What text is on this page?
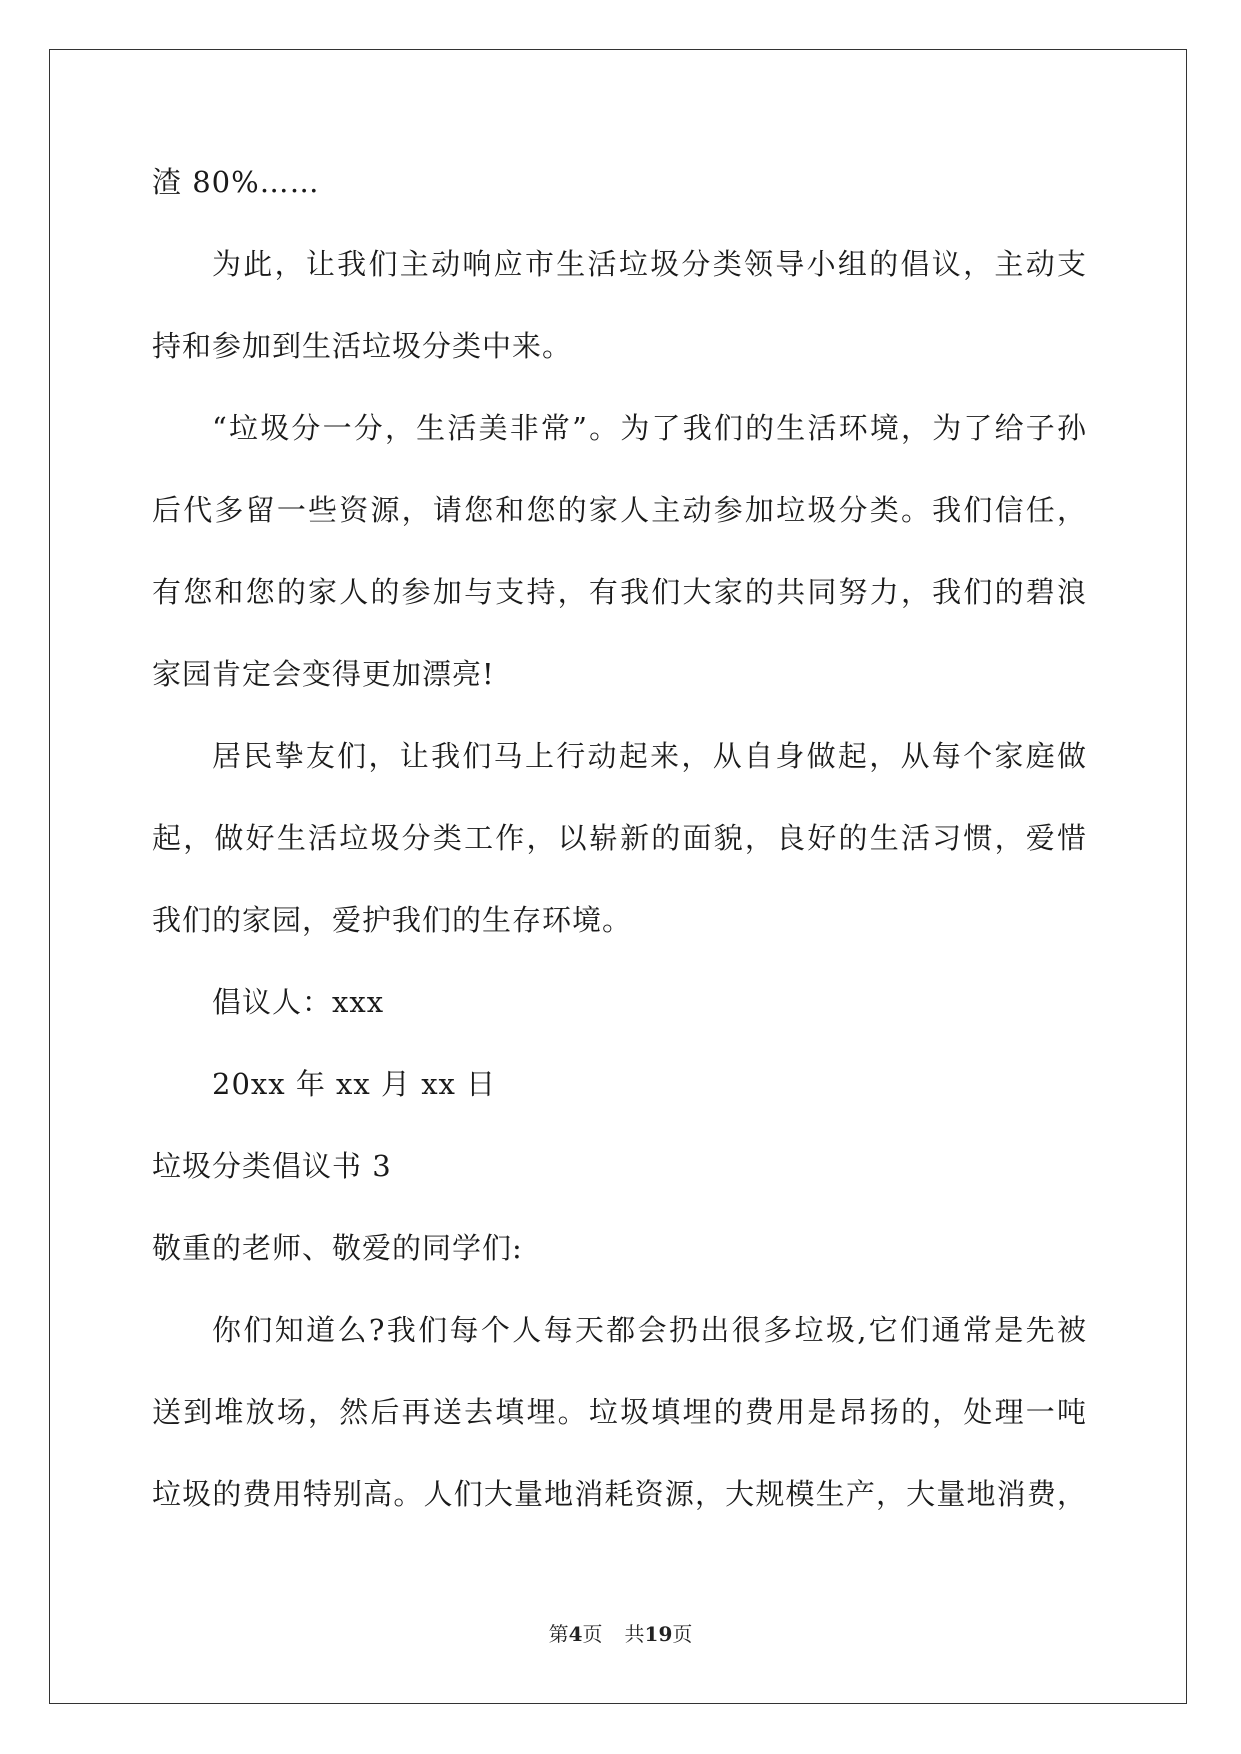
渣 80%……
为此，让我们主动响应市生活垃圾分类领导小组的倡议，主动支
持和参加到生活垃圾分类中来。
“垃圾分一分，生活美非常”。为了我们的生活环境，为了给子孙
后代多留一些资源，请您和您的家人主动参加垃圾分类。我们信任，
有您和您的家人的参加与支持，有我们大家的共同努力，我们的碧浪
家园肯定会变得更加漂亮!
居民挚友们，让我们马上行动起来，从自身做起，从每个家庭做
起，做好生活垃圾分类工作，以崭新的面貌，良好的生活习惯，爱惜
我们的家园，爱护我们的生存环境。
倡议人：xxx
20xx 年 xx 月 xx 日
垃圾分类倡议书 3
敬重的老师、敬爱的同学们:
你们知道么?我们每个人每天都会扔出很多垃圾,它们通常是先被
送到堆放场，然后再送去填埋。垃圾填埋的费用是昂扬的，处理一吨
垃圾的费用特别高。人们大量地消耗资源，大规模生产，大量地消费，
第4页 共19页
